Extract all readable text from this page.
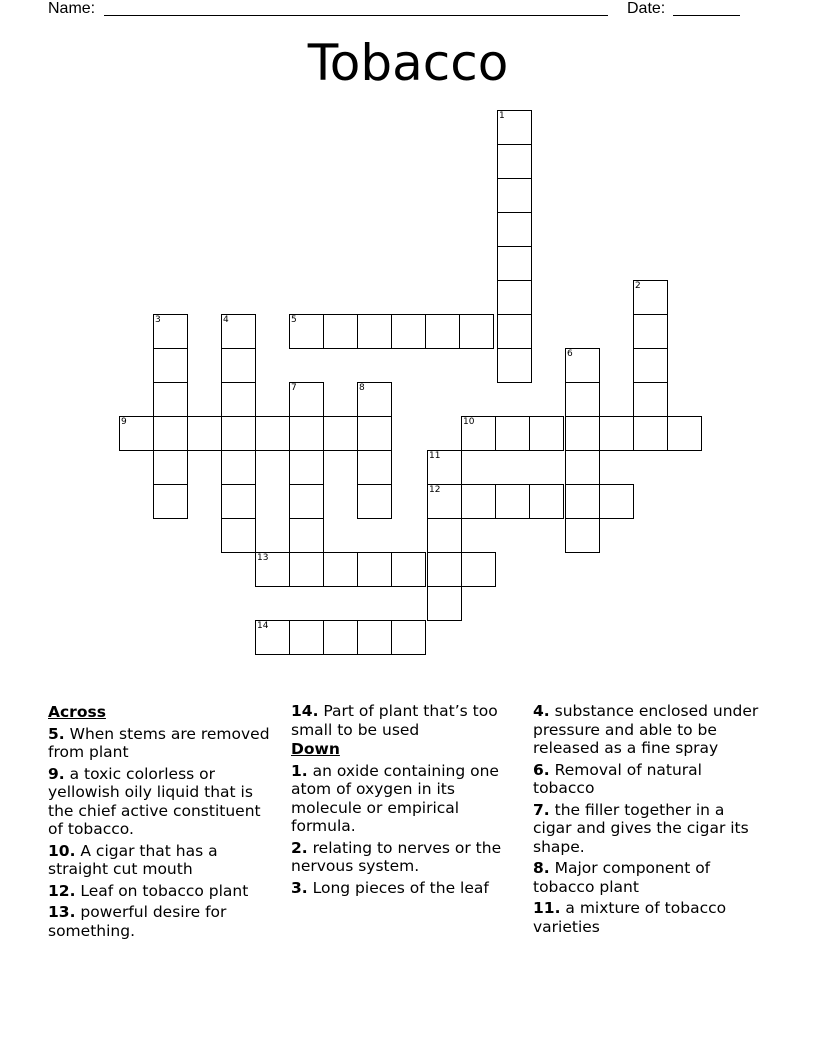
Name:	Date:
Tobacco
1
2
3	4	5
6
7	8
9	10
11
12
13
14
Across
5. When stems are removed from plant
9. a toxic colorless or yellowish oily liquid that is the chief active constituent of tobacco.
10. A cigar that has a straight cut mouth
12. Leaf on tobacco plant
13. powerful desire for something.
14. Part of plant that’s too small to be used
Down
1. an oxide containing one atom of oxygen in its molecule or empirical formula.
2. relating to nerves or the nervous system.
3. Long pieces of the leaf
4. substance enclosed under pressure and able to be released as a fine spray
6. Removal of natural tobacco
7. the filler together in a cigar and gives the cigar its shape.
8. Major component of tobacco plant
11. a mixture of tobacco varieties
